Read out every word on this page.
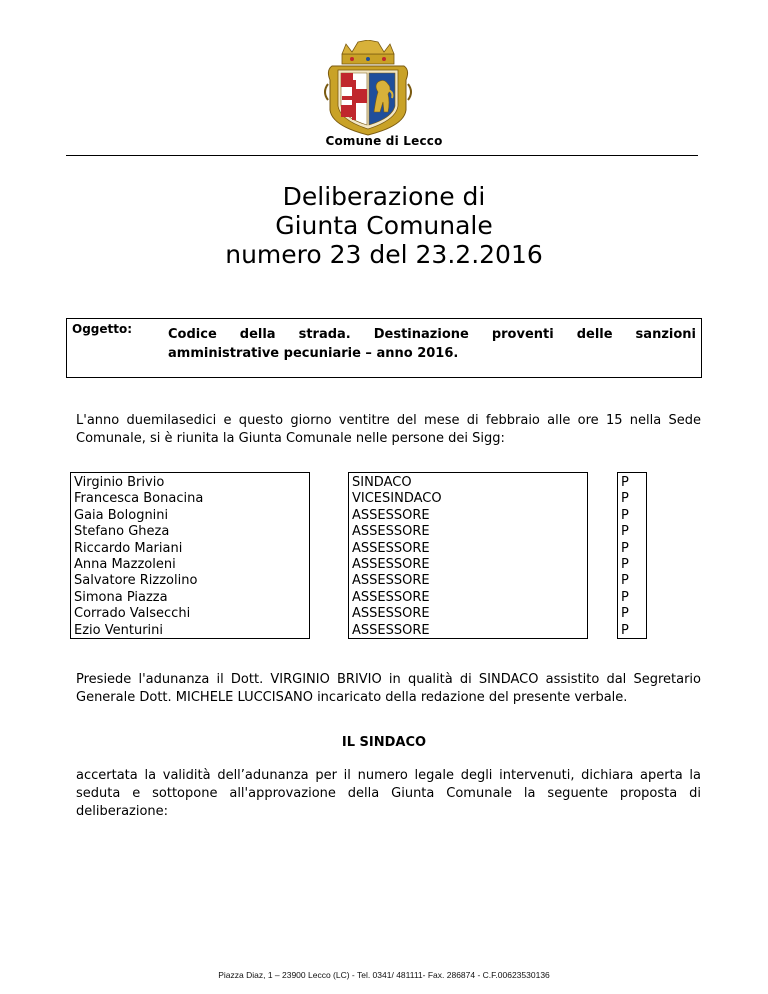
Comune di Lecco
Deliberazione di
Giunta Comunale
numero 23 del 23.2.2016
Oggetto:	Codice della strada. Destinazione proventi delle sanzioni amministrative pecuniarie – anno 2016.
L'anno duemilasedici e questo giorno ventitre del mese di febbraio alle ore 15 nella Sede Comunale, si è riunita la Giunta Comunale nelle persone dei Sigg:
Virginio Brivio
Francesca Bonacina
Gaia Bolognini
Stefano Gheza
Riccardo Mariani
Anna Mazzoleni
Salvatore Rizzolino
Simona Piazza
Corrado Valsecchi
Ezio Venturini
SINDACO
VICESINDACO
ASSESSORE
ASSESSORE
ASSESSORE
ASSESSORE
ASSESSORE
ASSESSORE
ASSESSORE
ASSESSORE
P
P
P
P
P
P
P
P
P
P
Presiede l'adunanza il Dott. VIRGINIO BRIVIO in qualità di SINDACO assistito dal Segretario Generale Dott. MICHELE LUCCISANO incaricato della redazione del presente verbale.
IL SINDACO
accertata la validità dell’adunanza per il numero legale degli intervenuti, dichiara aperta la seduta e sottopone all'approvazione della Giunta Comunale la seguente proposta di deliberazione:
Piazza Diaz, 1 – 23900 Lecco (LC) - Tel. 0341/ 481111- Fax. 286874 - C.F.00623530136
